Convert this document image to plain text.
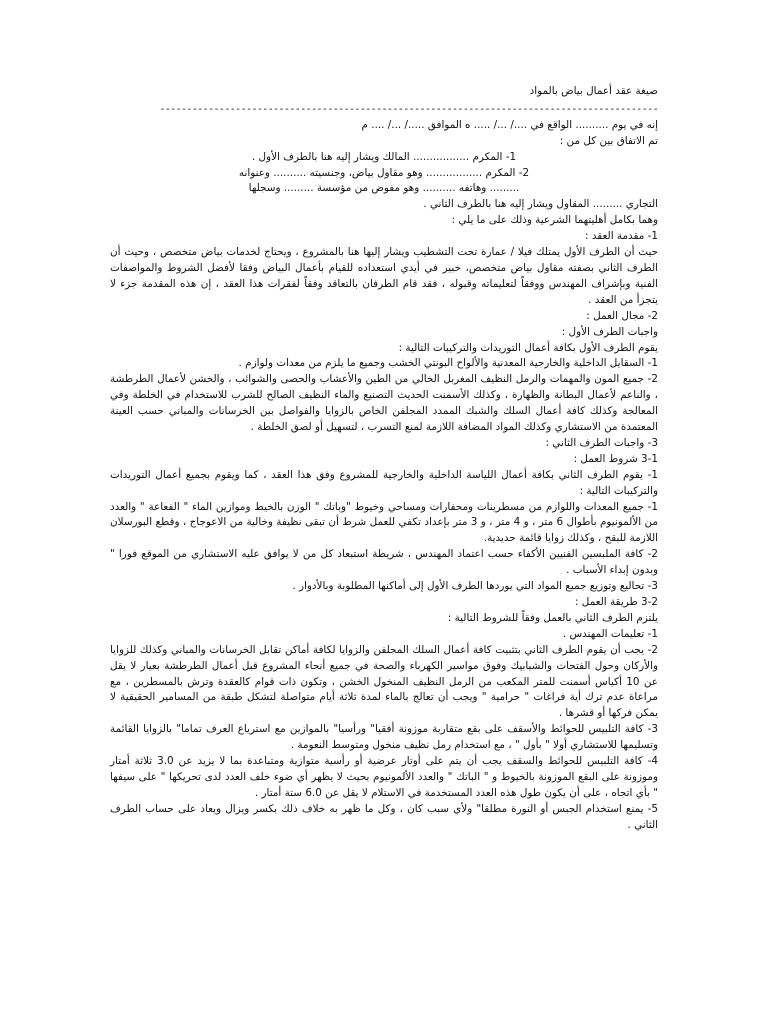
صيغة عقد أعمال بياض بالمواد

--------------------------------------------------------------------------------------------

إنه في يوم .......... الواقع في ..../ .../ ..... ه الموافق ...../ .../ .... م

تم الاتفاق بين كل من :

1- المكرم ................. المالك ويشار إليه هنا بالطرف الأول .

2- المكرم ................. وهو مقاول بياض، وجنسيته .......... وعنوانه

......... وهاتفه .......... وهو مفوض من مؤسسة ......... وسجلها

التجاري ......... المقاول ويشار إليه هنا بالطرف الثاني .

وهما بكامل أهليتهما الشرعية وذلك على ما يلي :

1- مقدمة العقد :

حيث أن الطرف الأول يمتلك فيلا / عمارة تحت التشطيب ويشار إليها هنا بالمشروع ، ويحتاج لخدمات بياض متخصص ، وحيث أن الطرف الثاني بصفته مقاول بياض متخصص، خبير في أيدي استعداده للقيام بأعمال البياض وفقا لأفضل الشروط والمواصفات الفنية وبإشراف المهندس ووفقاً لتعليماته وقبوله ، فقد قام الطرفان بالتعاقد وفقاً لفقرات هذا العقد ، إن هذه المقدمة جزء لا يتجزأ من العقد .

2- مجال العمل :

واجبات الطرف الأول :

يقوم الطرف الأول بكافة أعمال التوريدات والتركيبات التالية :

1- السقايل الداخلية والخارجية المعدنية والألواح البونتي الخشب وجميع ما يلزم من معدات ولوازم .

2- جميع المون والمهمات والرمل النظيف المغربل الخالي من الطين والأعشاب والحصى والشوائب ، والخشن لأعمال الطرطشة ، والناعم لأعمال البطانة والظهارة ، وكذلك الأسمنت الحديث التصنيع والماء النظيف الصالح للشرب للاستخدام في الخلطة وفي المعالجة وكذلك كافة أعمال السلك والشبك الممدد المجلفن الخاص بالزوايا والفواصل بين الخرسانات والمباني حسب العينة المعتمدة من الاستشاري وكذلك المواد المضافة اللازمة لمنع التسرب ، لتسهيل أو لصق الخلطة .

3- واجبات الطرف الثاني :

3-1 شروط العمل :

1- يقوم الطرف الثاني بكافة أعمال اللياسة الداخلية والخارجية للمشروع وفق هذا العقد ، كما ويقوم بجميع أعمال التوريدات والتركيبات التالية :

1- جميع المعدات واللوازم من مسطرينات ومحفارات ومساحي وخيوط "وباتك " الوزن بالخيط وموازين الماء " الفعاعة " والعدد من الألمونيوم بأطوال 6 متر ، و 4 متر ، و 3 متر بإعداد تكفي للعمل شرط أن تبقى نظيفة وخالية من الاعوجاج ، وقطع البورسلان اللازمة للبقح ، وكذلك زوايا قائمة حديدية.

2- كافة الملبسين الفنيين الأكفاء حسب اعتماد المهندس ، شريطة استبعاد كل من لا يوافق عليه الاستشاري من الموقع فورا " وبدون إبداء الأسباب .

3- تحاليع وتوزيع جميع المواد التي يوردها الطرف الأول إلى أماكنها المطلوبة وبالأدوار .

3-2 طريقة العمل :

يلتزم الطرف الثاني بالعمل وفقاً للشروط التالية :

1- تعليمات المهندس .

2- يجب أن يقوم الطرف الثاني بتثبيت كافة أعمال السلك المجلفن والزوايا لكافة أماكن تقابل الخرسانات والمباني وكذلك للزوايا والأركان وحول الفتحات والشبابيك وفوق مواسير الكهرباء والصحة في جميع أنحاء المشروع قبل أعمال الطرطشة بعيار لا يقل عن 10 أكياس أسمنت للمتر المكعب من الرمل النظيف المنخول الخشن ، وتكون ذات قوام كالعقدة وترش بالمسطرين ، مع مراعاة عدم ترك أية فراغات " حرامية " ويجب أن تعالج بالماء لمدة ثلاثة أيام متواصلة لتشكل طبقة من المسامير الحقيقية لا يمكن فركها أو قشرها .

3- كافة التلبيس للحوائط والأسقف على بقع متقاربة موزونة أفقيا" ورأسيا" بالموازين مع استرياع العرف تماما" بالزوايا القائمة وتسليمها للاستشاري أولا " بأول " ، مع استخدام رمل نظيف منخول ومتوسط النعومة .

4- كافة التلبيس للحوائط والسقف يجب أن يتم على أوتار عرضية أو رأسية متوازية ومتباعدة بما لا يزيد عن 3.0 ثلاثة أمتار وموزونة على البقع الموزونة بالخيوط و " الباتك " والعدد الألمونيوم بحيث لا يظهر أي ضوء خلف العدد لدى تحريكها " على سيفها " بأي اتجاه ، على أن يكون طول هذه العدد المستخدمة في الاستلام لا يقل عن 6.0 ستة أمتار .

5- يمنع استخدام الجبس أو النورة مطلقا" ولأي سبب كان ، وكل ما ظهر به خلاف ذلك بكسر ويزال ويعاد على حساب الطرف الثاني .
